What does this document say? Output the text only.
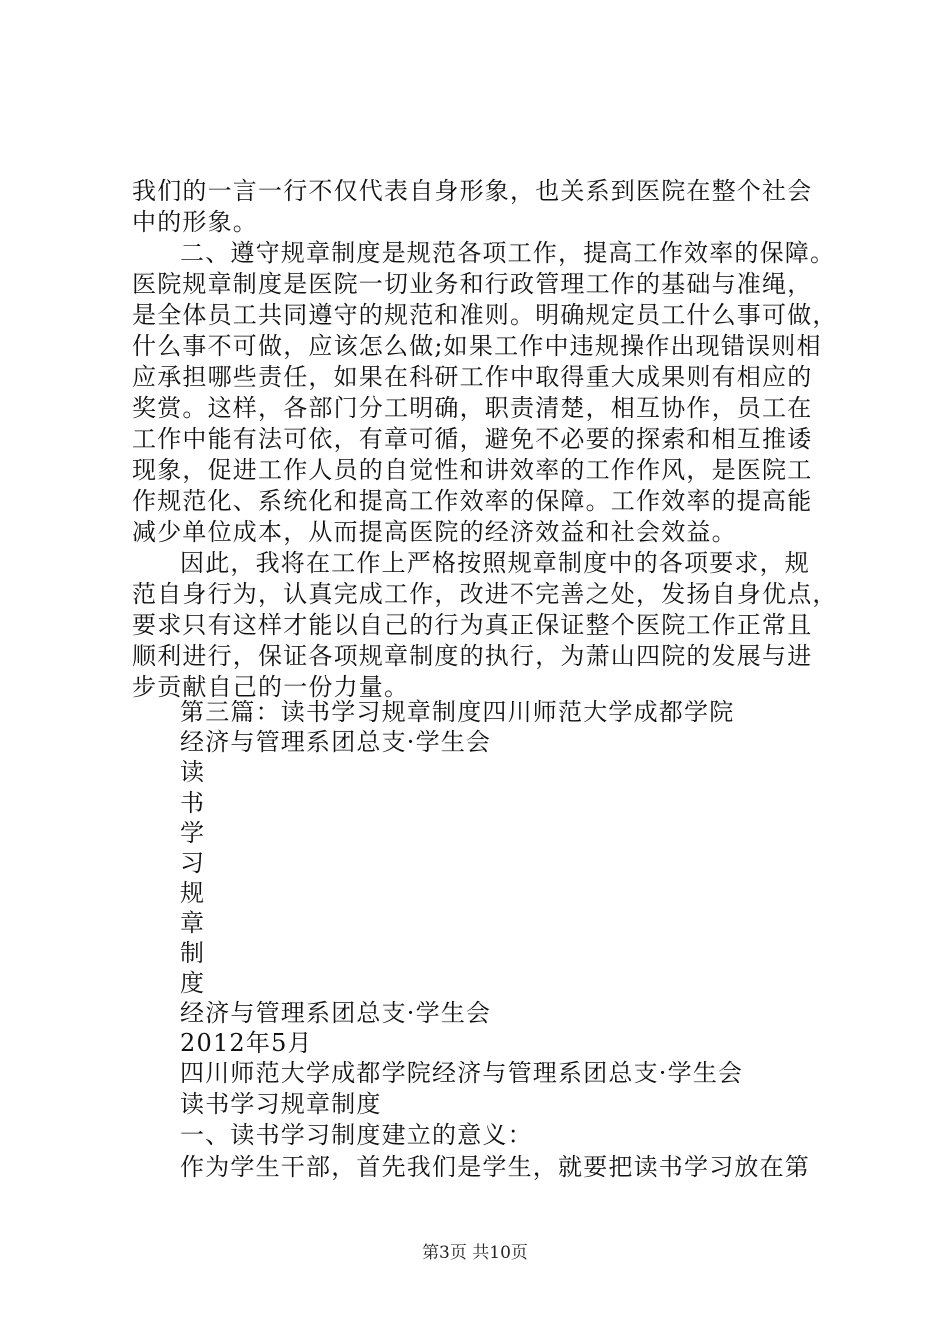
我们的一言一行不仅代表自身形象，也关系到医院在整个社会
中的形象。
二、遵守规章制度是规范各项工作，提高工作效率的保障。
医院规章制度是医院一切业务和行政管理工作的基础与准绳，
是全体员工共同遵守的规范和准则。明确规定员工什么事可做，
什么事不可做，应该怎么做;如果工作中违规操作出现错误则相
应承担哪些责任，如果在科研工作中取得重大成果则有相应的
奖赏。这样，各部门分工明确，职责清楚，相互协作，员工在
工作中能有法可依，有章可循，避免不必要的探索和相互推诿
现象，促进工作人员的自觉性和讲效率的工作作风，是医院工
作规范化、系统化和提高工作效率的保障。工作效率的提高能
减少单位成本，从而提高医院的经济效益和社会效益。
因此，我将在工作上严格按照规章制度中的各项要求，规
范自身行为，认真完成工作，改进不完善之处，发扬自身优点，
要求只有这样才能以自己的行为真正保证整个医院工作正常且
顺利进行，保证各项规章制度的执行，为萧山四院的发展与进
步贡献自己的一份力量。
第三篇：读书学习规章制度四川师范大学成都学院
经济与管理系团总支·学生会
读
书
学
习
规
章
制
度
经济与管理系团总支·学生会
2012年5月
四川师范大学成都学院经济与管理系团总支·学生会
读书学习规章制度
一、读书学习制度建立的意义：
作为学生干部，首先我们是学生，就要把读书学习放在第
第3页 共10页
